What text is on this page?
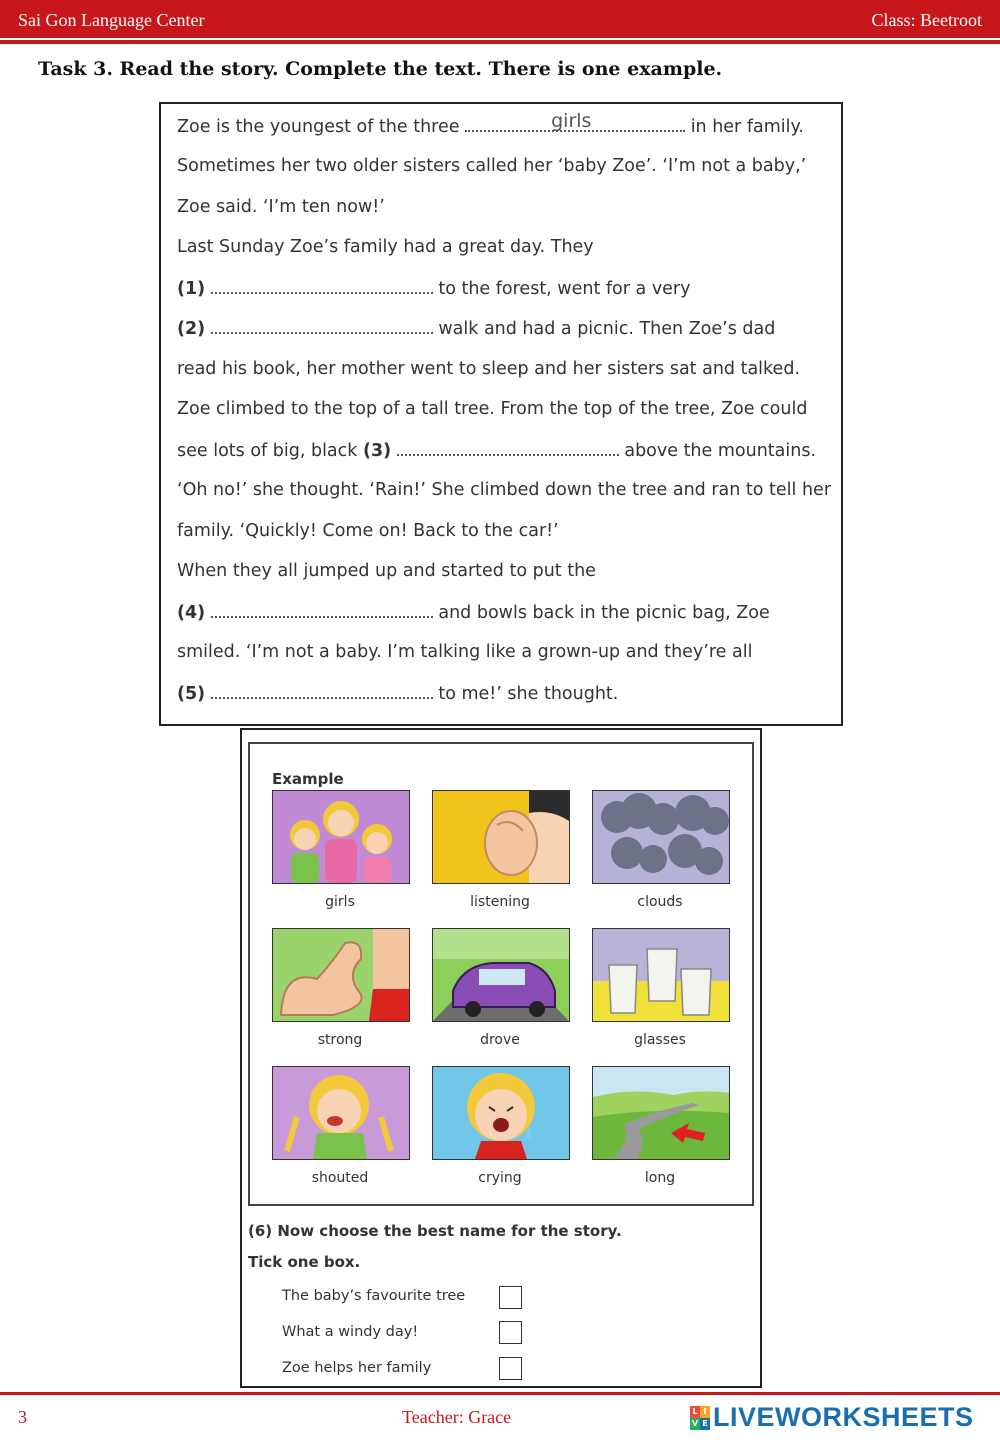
Sai Gon Language Center	Class: Beetroot
Task 3. Read the story. Complete the text. There is one example.
Zoe is the youngest of the three	girls	in her family.
Sometimes her two older sisters called her ‘baby Zoe’. ‘I’m not a baby,’
Zoe said. ‘I’m ten now!’
Last Sunday Zoe’s family had a great day. They
(1)	to the forest, went for a very
(2)	walk and had a picnic. Then Zoe’s dad
read his book, her mother went to sleep and her sisters sat and talked.
Zoe climbed to the top of a tall tree. From the top of the tree, Zoe could
see lots of big, black (3)	above the mountains.
‘Oh no!’ she thought. ‘Rain!’ She climbed down the tree and ran to tell her
family. ‘Quickly! Come on! Back to the car!’
When they all jumped up and started to put the
(4)	and bowls back in the picnic bag, Zoe
smiled. ‘I’m not a baby. I’m talking like a grown-up and they’re all
(5)	to me!’ she thought.
Example
girls	listening	clouds
strong	drove	glasses
shouted	crying	long
(6) Now choose the best name for the story.
Tick one box.
The baby’s favourite tree
What a windy day!
Zoe helps her family
3	Teacher: Grace	L I
V E LIVEWORKSHEETS
